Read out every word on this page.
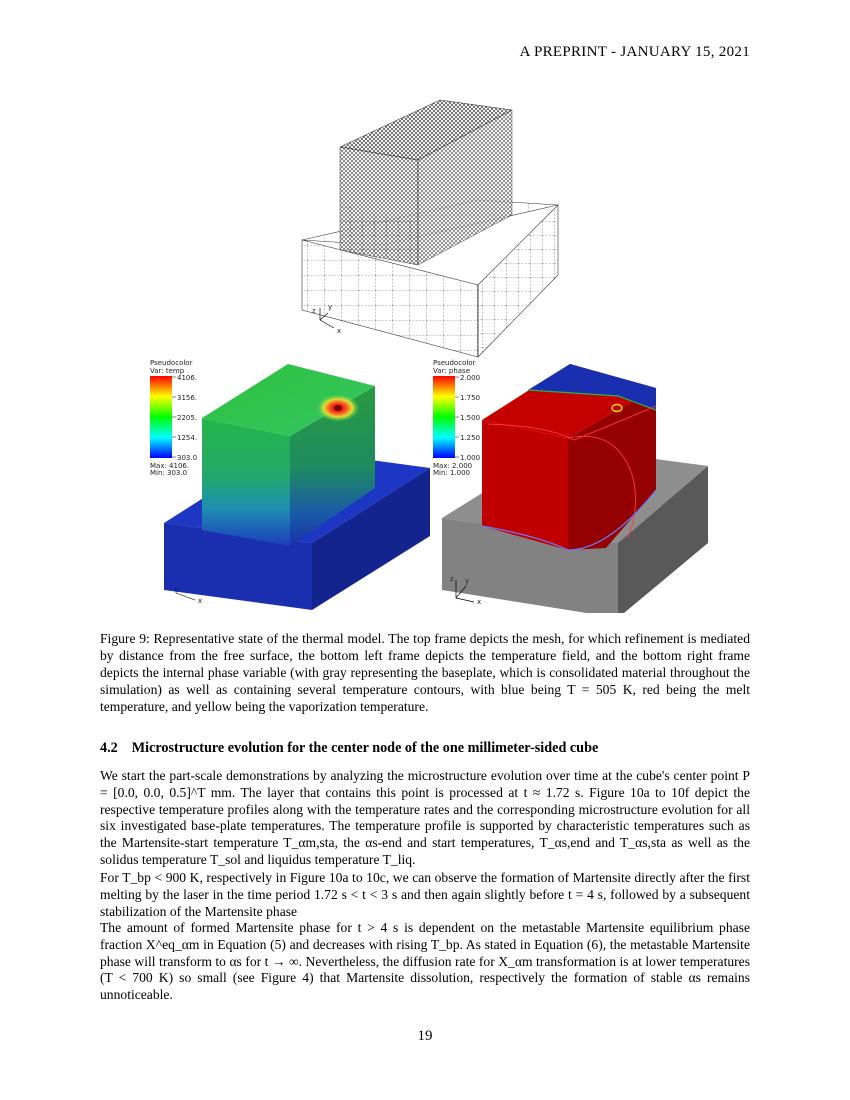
A PREPRINT - JANUARY 15, 2021
z y
x
Pseudocolor
Var: temp
4106.
3156.
2205.
1254.
303.0
Max: 4106.
Min: 303.0
x
Pseudocolor
Var: phase
2.000
1.750
1.500
1.250
1.000
Max: 2.000
Min: 1.000
z y
x
Figure 9: Representative state of the thermal model. The top frame depicts the mesh, for which refinement is mediated by distance from the free surface, the bottom left frame depicts the temperature field, and the bottom right frame depicts the internal phase variable (with gray representing the baseplate, which is consolidated material throughout the simulation) as well as containing several temperature contours, with blue being T = 505 K, red being the melt temperature, and yellow being the vaporization temperature.
4.2 Microstructure evolution for the center node of the one millimeter-sided cube
We start the part-scale demonstrations by analyzing the microstructure evolution over time at the cube's center point P = [0.0, 0.0, 0.5]^T mm. The layer that contains this point is processed at t ≈ 1.72 s. Figure 10a to 10f depict the respective temperature profiles along with the temperature rates and the corresponding microstructure evolution for all six investigated base-plate temperatures. The temperature profile is supported by characteristic temperatures such as the Martensite-start temperature T_αm,sta, the αs-end and start temperatures, T_αs,end and T_αs,sta as well as the solidus temperature T_sol and liquidus temperature T_liq.
For T_bp < 900 K, respectively in Figure 10a to 10c, we can observe the formation of Martensite directly after the first melting by the laser in the time period 1.72 s < t < 3 s and then again slightly before t = 4 s, followed by a subsequent stabilization of the Martensite phase
The amount of formed Martensite phase for t > 4 s is dependent on the metastable Martensite equilibrium phase fraction X^eq_αm in Equation (5) and decreases with rising T_bp. As stated in Equation (6), the metastable Martensite phase will transform to αs for t → ∞. Nevertheless, the diffusion rate for X_αm transformation is at lower temperatures (T < 700 K) so small (see Figure 4) that Martensite dissolution, respectively the formation of stable αs remains unnoticeable.
19
